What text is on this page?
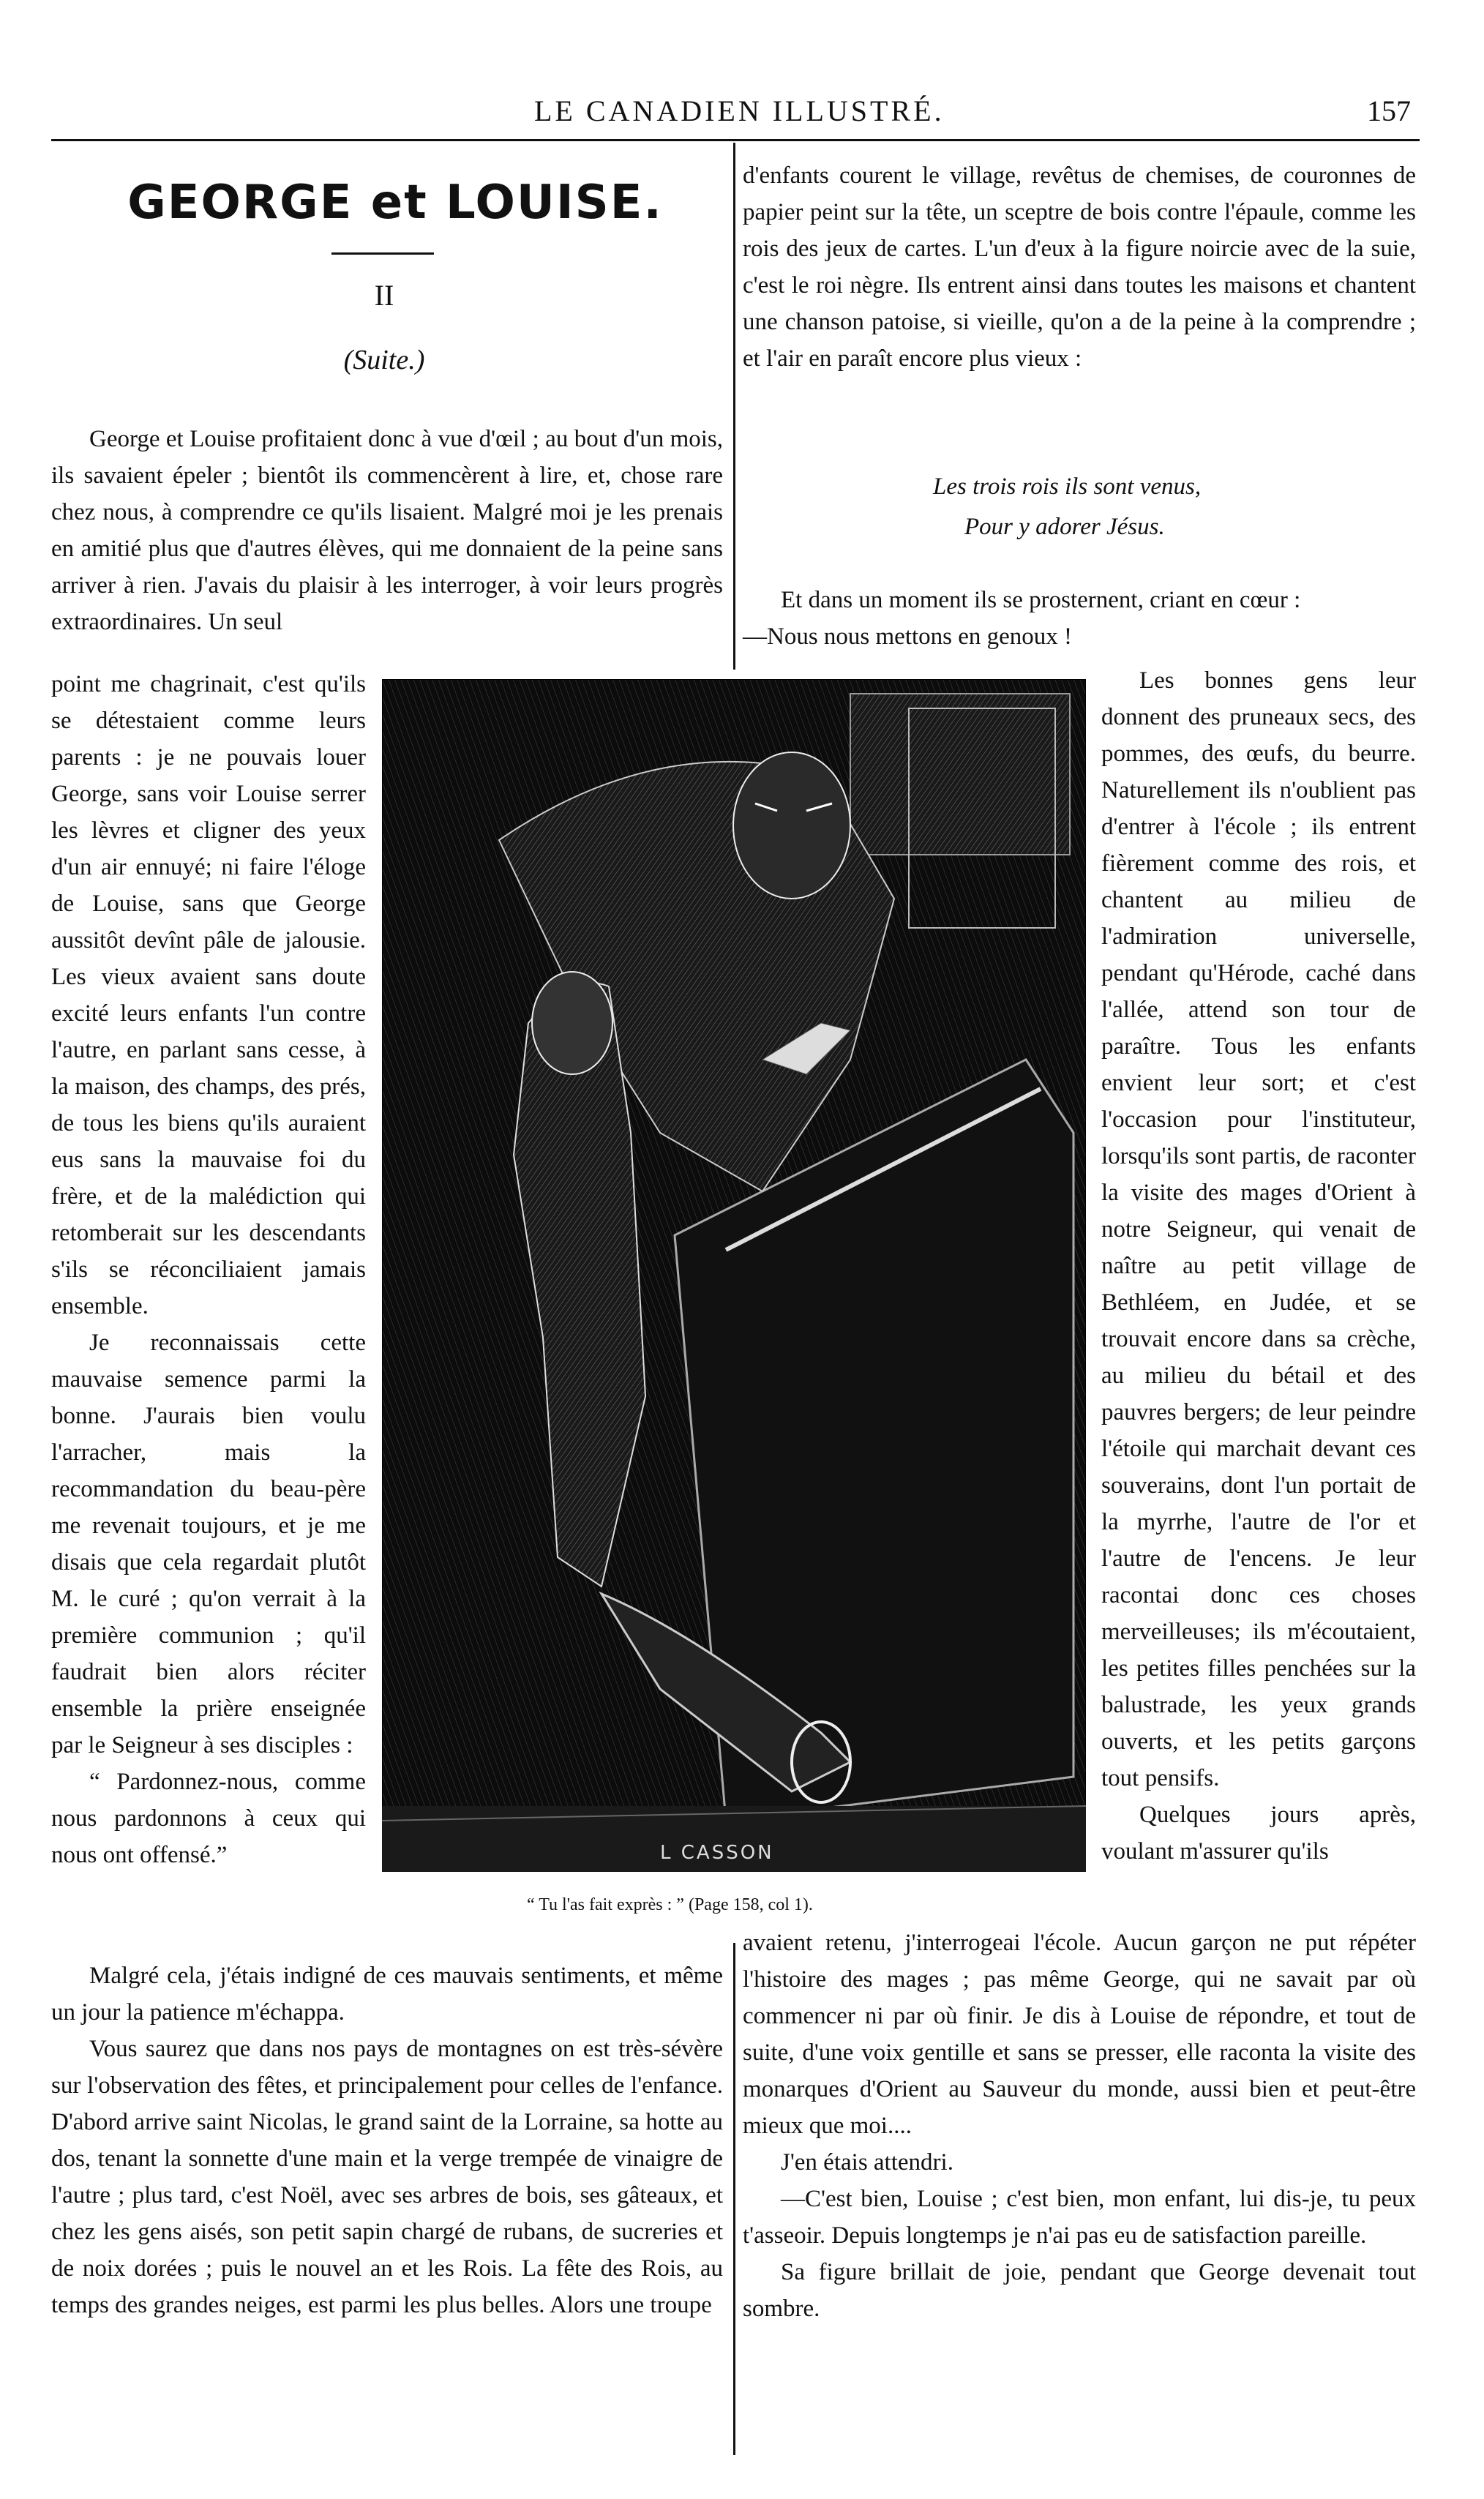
LE CANADIEN ILLUSTRÉ.	157
GEORGE et LOUISE.
II
(Suite.)

George et Louise profitaient donc à vue d'œil ; au bout d'un mois, ils savaient épeler ; bientôt ils commencèrent à lire, et, chose rare chez nous, à comprendre ce qu'ils lisaient. Malgré moi je les prenais en amitié plus que d'autres élèves, qui me donnaient de la peine sans arriver à rien. J'avais du plaisir à les interroger, à voir leurs progrès extraordinaires. Un seul

point me chagrinait, c'est qu'ils se détestaient comme leurs parents : je ne pouvais louer George, sans voir Louise serrer les lèvres et cligner des yeux d'un air ennuyé; ni faire l'éloge de Louise, sans que George aussitôt devînt pâle de jalousie. Les vieux avaient sans doute excité leurs enfants l'un contre l'autre, en parlant sans cesse, à la maison, des champs, des prés, de tous les biens qu'ils auraient eus sans la mauvaise foi du frère, et de la malédiction qui retomberait sur les descendants s'ils se réconciliaient jamais ensemble.

Je reconnaissais cette mauvaise semence parmi la bonne. J'aurais bien voulu l'arracher, mais la recommandation du beau-père me revenait toujours, et je me disais que cela regardait plutôt M. le curé ; qu'on verrait à la première communion ; qu'il faudrait bien alors réciter ensemble la prière enseignée par le Seigneur à ses disciples :

“ Pardonnez-nous, comme nous pardonnons à ceux qui nous ont offensé.”

Malgré cela, j'étais indigné de ces mauvais sentiments, et même un jour la patience m'échappa.

Vous saurez que dans nos pays de montagnes on est très-sévère sur l'observation des fêtes, et principalement pour celles de l'enfance. D'abord arrive saint Nicolas, le grand saint de la Lorraine, sa hotte au dos, tenant la sonnette d'une main et la verge trempée de vinaigre de l'autre ; plus tard, c'est Noël, avec ses arbres de bois, ses gâteaux, et chez les gens aisés, son petit sapin chargé de rubans, de sucreries et de noix dorées ; puis le nouvel an et les Rois. La fête des Rois, au temps des grandes neiges, est parmi les plus belles. Alors une troupe

d'enfants courent le village, revêtus de chemises, de couronnes de papier peint sur la tête, un sceptre de bois contre l'épaule, comme les rois des jeux de cartes. L'un d'eux à la figure noircie avec de la suie, c'est le roi nègre. Ils entrent ainsi dans toutes les maisons et chantent une chanson patoise, si vieille, qu'on a de la peine à la comprendre ; et l'air en paraît encore plus vieux :

Les trois rois ils sont venus,
Pour y adorer Jésus.

Et dans un moment ils se prosternent, criant en cœur :

—Nous nous mettons en genoux !

Les bonnes gens leur donnent des pruneaux secs, des pommes, des œufs, du beurre. Naturellement ils n'oublient pas d'entrer à l'école ; ils entrent fièrement comme des rois, et chantent au milieu de l'admiration universelle, pendant qu'Hérode, caché dans l'allée, attend son tour de paraître. Tous les enfants envient leur sort; et c'est l'occasion pour l'instituteur, lorsqu'ils sont partis, de raconter la visite des mages d'Orient à notre Seigneur, qui venait de naître au petit village de Bethléem, en Judée, et se trouvait encore dans sa crèche, au milieu du bétail et des pauvres bergers; de leur peindre l'étoile qui marchait devant ces souverains, dont l'un portait de la myrrhe, l'autre de l'or et l'autre de l'encens. Je leur racontai donc ces choses merveilleuses; ils m'écoutaient, les petites filles penchées sur la balustrade, les yeux grands ouverts, et les petits garçons tout pensifs.

Quelques jours après, voulant m'assurer qu'ils

avaient retenu, j'interrogeai l'école. Aucun garçon ne put répéter l'histoire des mages ; pas même George, qui ne savait par où commencer ni par où finir. Je dis à Louise de répondre, et tout de suite, d'une voix gentille et sans se presser, elle raconta la visite des monarques d'Orient au Sauveur du monde, aussi bien et peut-être mieux que moi....

J'en étais attendri.

—C'est bien, Louise ; c'est bien, mon enfant, lui dis-je, tu peux t'asseoir. Depuis longtemps je n'ai pas eu de satisfaction pareille.

Sa figure brillait de joie, pendant que George devenait tout sombre.

L CASSON
“ Tu l'as fait exprès : ” (Page 158, col 1).
